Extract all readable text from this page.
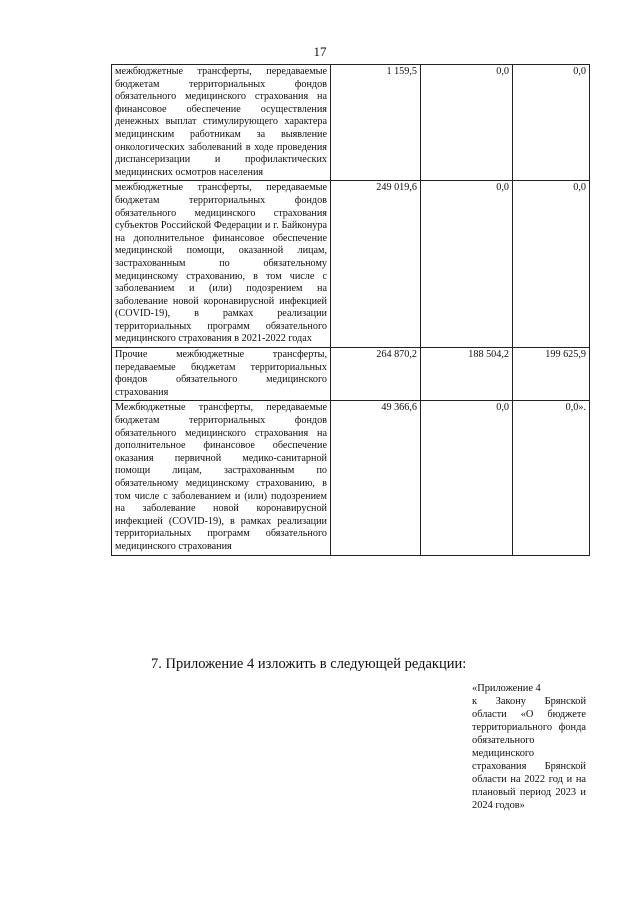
17
межбюджетные трансферты, передаваемые бюджетам территориальных фондов обязательного медицинского страхования на финансовое обеспечение осуществления денежных выплат стимулирующего характера медицинским работникам за выявление онкологических заболеваний в ходе проведения диспансеризации и профилактических медицинских осмотров населения	1 159,5	0,0	0,0
межбюджетные трансферты, передаваемые бюджетам территориальных фондов обязательного медицинского страхования субъектов Российской Федерации и г. Байконура на дополнительное финансовое обеспечение медицинской помощи, оказанной лицам, застрахованным по обязательному медицинскому страхованию, в том числе с заболеванием и (или) подозрением на заболевание новой коронавирусной инфекцией (COVID-19), в рамках реализации территориальных программ обязательного медицинского страхования в 2021-2022 годах	249 019,6	0,0	0,0
Прочие межбюджетные трансферты, передаваемые бюджетам территориальных фондов обязательного медицинского страхования	264 870,2	188 504,2	199 625,9
Межбюджетные трансферты, передаваемые бюджетам территориальных фондов обязательного медицинского страхования на дополнительное финансовое обеспечение оказания первичной медико-санитарной помощи лицам, застрахованным по обязательному медицинскому страхованию, в том числе с заболеванием и (или) подозрением на заболевание новой коронавирусной инфекцией (COVID-19), в рамках реализации территориальных программ обязательного медицинского страхования	49 366,6	0,0	0,0».
7. Приложение 4 изложить в следующей редакции:
«Приложение 4
к Закону Брянской области «О бюджете территориального фонда обязательного медицинского страхования Брянской области на 2022 год и на плановый период 2023 и 2024 годов»
